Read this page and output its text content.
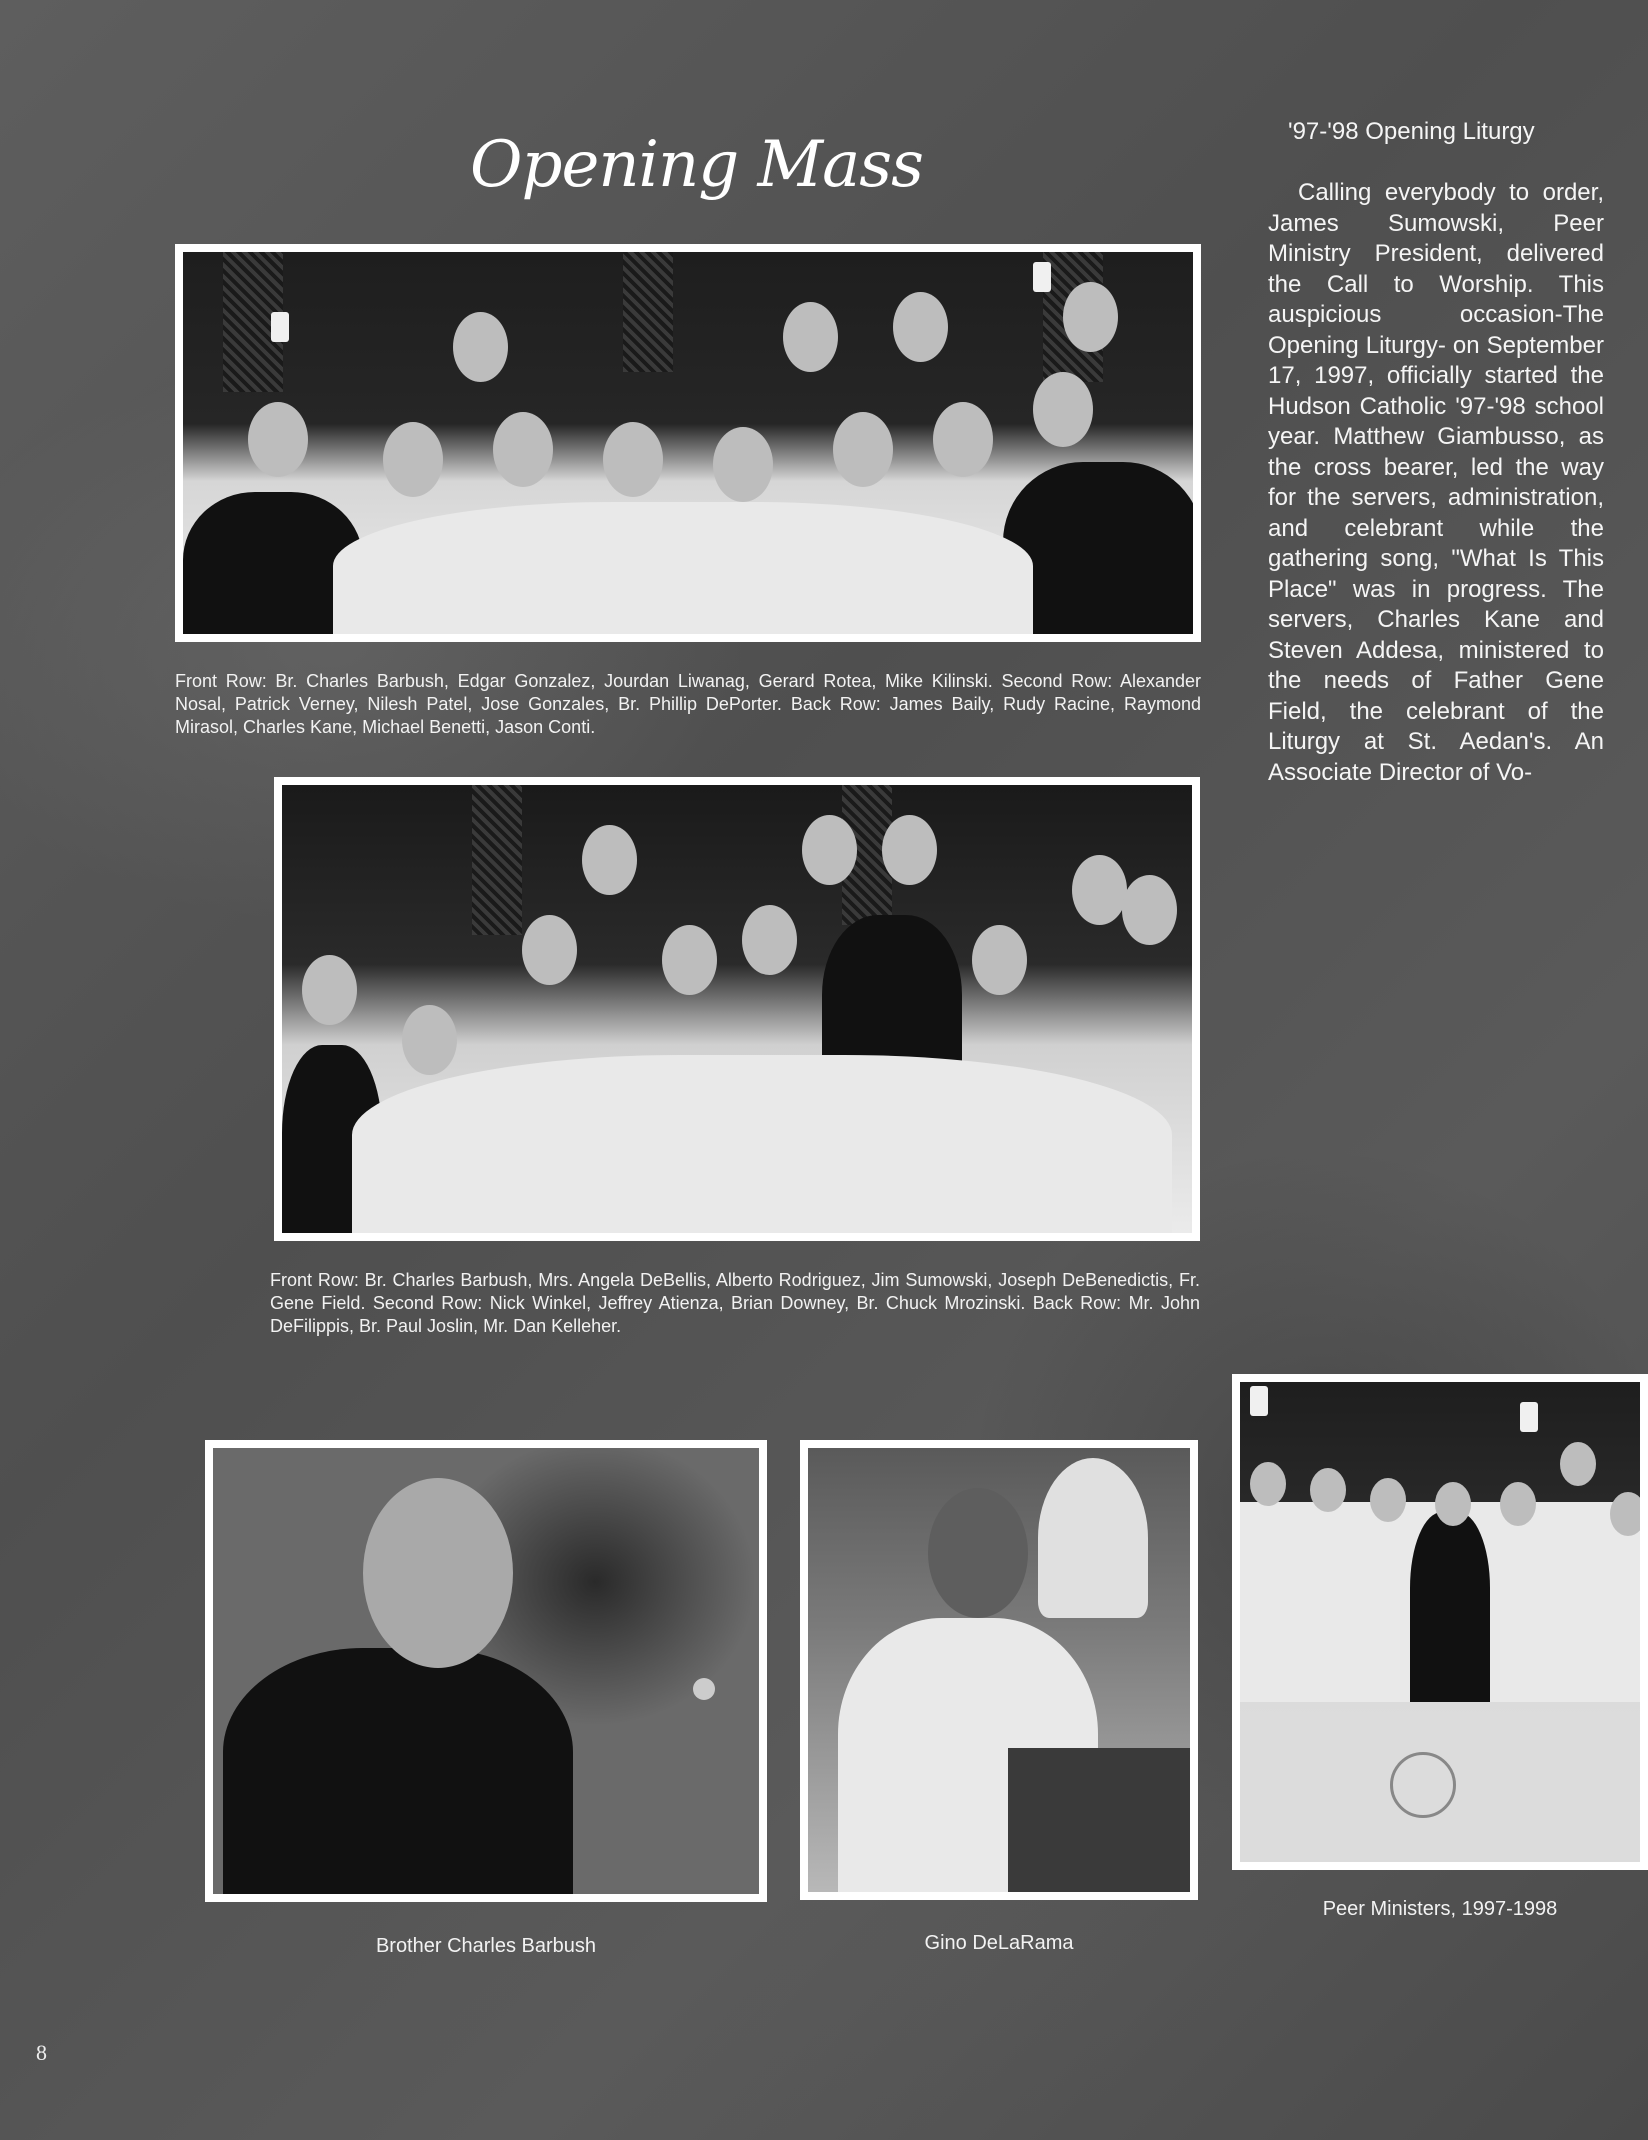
Opening Mass
Front Row: Br. Charles Barbush, Edgar Gonzalez, Jourdan Liwanag, Gerard Rotea, Mike Kilinski. Second Row: Alexander Nosal, Patrick Verney, Nilesh Patel, Jose Gonzales, Br. Phillip DePorter. Back Row: James Baily, Rudy Racine, Raymond Mirasol, Charles Kane, Michael Benetti, Jason Conti.
Front Row: Br. Charles Barbush, Mrs. Angela DeBellis, Alberto Rodriguez, Jim Sumowski, Joseph DeBenedictis, Fr. Gene Field. Second Row: Nick Winkel, Jeffrey Atienza, Brian Downey, Br. Chuck Mrozinski. Back Row: Mr. John DeFilippis, Br. Paul Joslin, Mr. Dan Kelleher.
Brother Charles Barbush	Gino DeLaRama
Peer Ministers, 1997-1998
'97-'98 Opening Liturgy
Calling everybody to order, James Sumowski, Peer Ministry President, delivered the Call to Worship. This auspicious occasion-The Opening Liturgy- on September 17, 1997, officially started the Hudson Catholic '97-'98 school year. Matthew Giambusso, as the cross bearer, led the way for the servers, administration, and celebrant while the gathering song, "What Is This Place" was in progress. The servers, Charles Kane and Steven Addesa, ministered to the needs of Father Gene Field, the celebrant of the Liturgy at St. Aedan's. An Associate Director of Vo-
8
